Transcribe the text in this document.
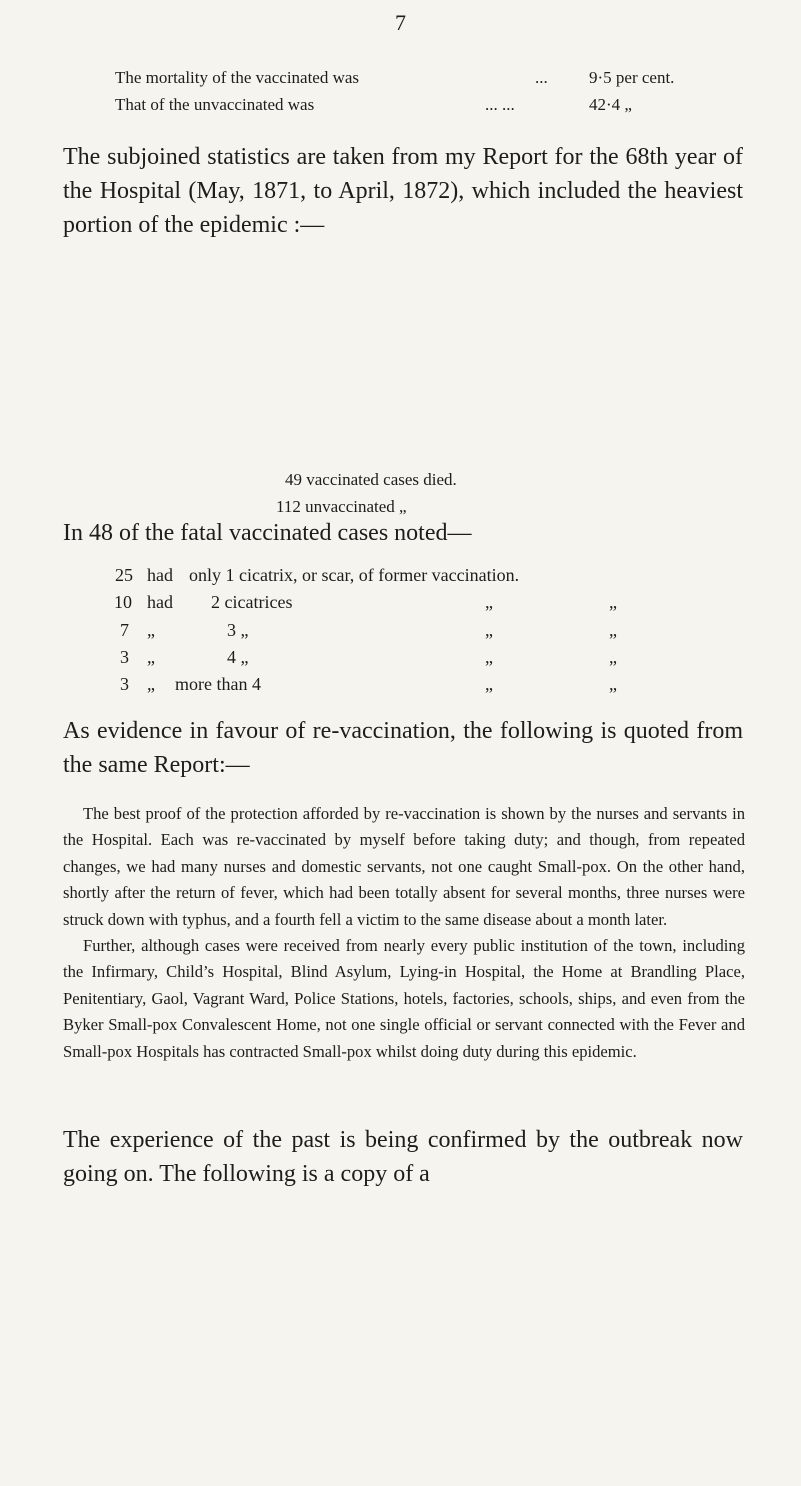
7
The mortality of the vaccinated was	... 9·5 per cent.
That of the unvaccinated was	... ...	42·4 „
The subjoined statistics are taken from my Report for the 68th year of the Hospital (May, 1871, to April, 1872), which included the heaviest portion of the epidemic :—
49 vaccinated cases died.
112 unvaccinated „
In 48 of the fatal vaccinated cases noted—
25 had only 1 cicatrix, or scar, of former vaccination.
10 had 2 cicatrices	„	„
7 „	3 „	„	„
3 „	4 „	„	„
3 „ more than 4	„	„
As evidence in favour of re-vaccination, the following is quoted from the same Report:—

The best proof of the protection afforded by re-vaccination is shown by the nurses and servants in the Hospital. Each was re-vaccinated by myself before taking duty; and though, from repeated changes, we had many nurses and domestic servants, not one caught Small-pox. On the other hand, shortly after the return of fever, which had been totally absent for several months, three nurses were struck down with typhus, and a fourth fell a victim to the same disease about a month later.

Further, although cases were received from nearly every public institution of the town, including the Infirmary, Child’s Hospital, Blind Asylum, Lying-in Hospital, the Home at Brandling Place, Penitentiary, Gaol, Vagrant Ward, Police Stations, hotels, factories, schools, ships, and even from the Byker Small-pox Convalescent Home, not one single official or servant connected with the Fever and Small-pox Hospitals has contracted Small-pox whilst doing duty during this epidemic.

The experience of the past is being confirmed by the outbreak now going on. The following is a copy of a
